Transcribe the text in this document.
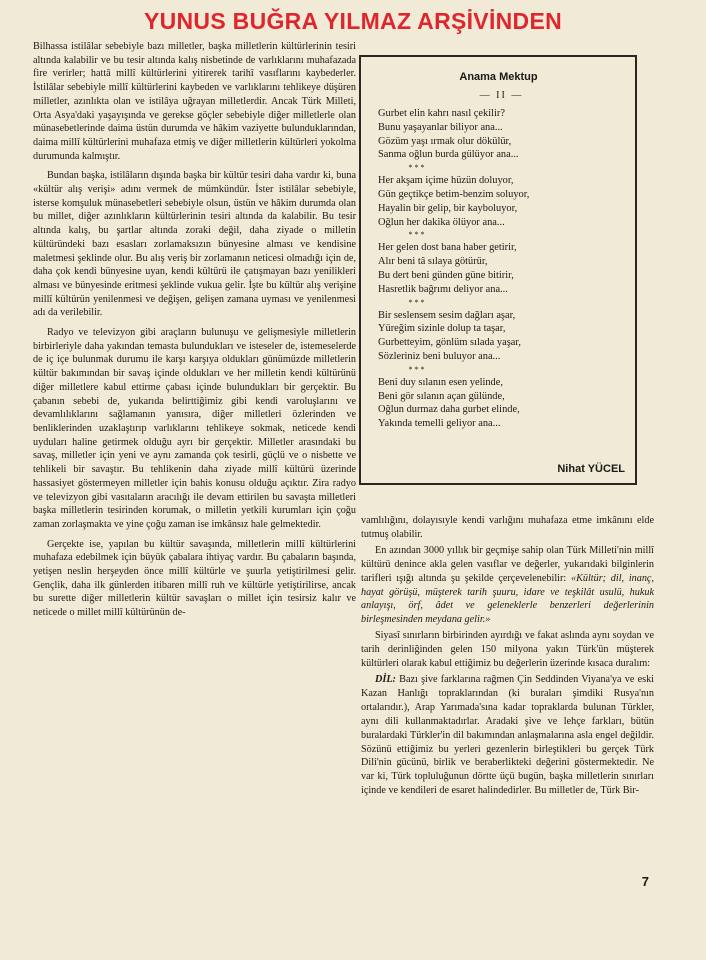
YUNUS BUĞRA YILMAZ ARŞİVİNDEN

Bilhassa istilâlar sebebiyle bazı milletler, başka milletlerin kültürlerinin tesiri altında kalabilir ve bu tesir altında kalış nisbetinde de varlıklarını muhafazada fire verirler; hattâ millî kültürlerini yitirerek tarihî vasıflarını kaybederler. İstilâlar sebebiyle millî kültürlerini kaybeden ve varlıklarını tehlikeye düşüren milletler, azınlıkta olan ve istilâya uğrayan milletlerdir. Ancak Türk Milleti, Orta Asya'daki yaşayışında ve gerekse göçler sebebiyle diğer milletlerle olan münasebetlerinde daima üstün durumda ve hâkim vaziyette bulunduklarından, daima millî kültürlerini muhafaza etmiş ve diğer milletlerin kültürleri yokolma durumunda kalmıştır.

Bundan başka, istilâların dışında başka bir kültür tesiri daha vardır ki, buna «kültür alış verişi» adını vermek de mümkündür. İster istilâlar sebebiyle, isterse komşuluk münasebetleri sebebiyle olsun, üstün ve hâkim durumda olan bu millet, diğer azınlıkların kültürlerinin tesiri altında da kalabilir. Bu tesir altında kalış, bu şartlar altında zoraki değil, daha ziyade o milletin kültüründeki bazı esasları zorlamaksızın bünyesine alması ve kendisine maletmesi şeklinde olur. Bu alış veriş bir zorlamanın neticesi olmadığı için de, daha çok kendi bünyesine uyan, kendi kültürü ile çatışmayan bazı yenilikleri alması ve bünyesinde eritmesi şeklinde vukua gelir. İşte bu kültür alış verişine millî kültürün yenilenmesi ve değişen, gelişen zamana uyması ve yenilenmesi adı da verilebilir.

Radyo ve televizyon gibi araçların bulunuşu ve gelişmesiyle milletlerin birbirleriyle daha yakından temasta bulundukları ve isteseler de, istemeselerde de iç içe bulunmak durumu ile karşı karşıya oldukları günümüzde milletlerin kültür bakımından bir savaş içinde oldukları ve her milletin kendi kültürünü diğer milletlere kabul ettirme çabası içinde bulundukları bir gerçektir. Bu çabanın sebebi de, yukarıda belirttiğimiz gibi kendi varoluşlarını ve devamlılıklarını sağlamanın yanısıra, diğer milletleri özlerinden ve benliklerinden uzaklaştırıp varlıklarını tehlikeye sokmak, neticede kendi uyduları haline getirmek olduğu ayrı bir gerçektir. Milletler arasındaki bu savaş, milletler için yeni ve aynı zamanda çok tesirli, güçlü ve o nisbette ve tehlikeli bir savaştır. Bu tehlikenin daha ziyade millî kültürü üzerinde hassasiyet göstermeyen milletler için bahis konusu olduğu açıktır. Zira radyo ve televizyon gibi vasıtaların aracılığı ile devam ettirilen bu savaşta milletleri başka milletlerin tesirinden korumak, o milletin yetkili kurumları için çoğu zaman zorlaşmakta ve yine çoğu zaman ise imkânsız hale gelmektedir.

Gerçekte ise, yapılan bu kültür savaşında, milletlerin millî kültürlerini muhafaza edebilmek için büyük çabalara ihtiyaç vardır. Bu çabaların başında, yetişen neslin herşeyden önce millî kültürle ve şuurla yetiştirilmesi gelir. Gençlik, daha ilk günlerden itibaren millî ruh ve kültürle yetiştirilirse, ancak bu surette diğer milletlerin kültür savaşları o millet için tesirsiz kalır ve neticede o millet millî kültürünün de-

Anama Mektup
— II —
Gurbet elin kahrı nasıl çekilir?
Bunu yaşayanlar biliyor ana...
Gözüm yaşı ırmak olur dökülür,
Sanma oğlun burda gülüyor ana...
* * *
Her akşam içime hüzün doluyor,
Gün geçtikçe betim-benzim soluyor,
Hayalin bir gelip, bir kayboluyor,
Oğlun her dakika ölüyor ana...
* * *
Her gelen dost bana haber getirir,
Alır beni tâ sılaya götürür,
Bu dert beni günden güne bitirir,
Hasretlik bağrımı deliyor ana...
* * *
Bir seslensem sesim dağları aşar,
Yüreğim sizinle dolup ta taşar,
Gurbetteyim, gönlüm sılada yaşar,
Sözleriniz beni buluyor ana...
* * *
Beni duy sılanın esen yelinde,
Beni gör sılanın açan gülünde,
Oğlun durmaz daha gurbet elinde,
Yakında temelli geliyor ana...
Nihat YÜCEL

vamlılığını, dolayısıyle kendi varlığını muhafaza etme imkânını elde tutmuş olabilir.

En azından 3000 yıllık bir geçmişe sahip olan Türk Milleti'nin millî kültürü denince akla gelen vasıflar ve değerler, yukarıdaki bilginlerin tarifleri ışığı altında şu şekilde çerçevelenebilir: «Kültür; dil, inanç, hayat görüşü, müşterek tarih şuuru, idare ve teşkilât usulü, hukuk anlayışı, örf, âdet ve geleneklerle benzerleri değerlerinin birleşmesinden meydana gelir.»

Siyasî sınırların birbirinden ayırdığı ve fakat aslında aynı soydan ve tarih derinliğinden gelen 150 milyona yakın Türk'ün müşterek kültürleri olarak kabul ettiğimiz bu değerlerin üzerinde kısaca duralım:

DİL: Bazı şive farklarına rağmen Çin Seddinden Viyana'ya ve eski Kazan Hanlığı topraklarından (ki buraları şimdiki Rusya'nın ortalarıdır.), Arap Yarımada'sına kadar topraklarda bulunan Türkler, aynı dili kullanmaktadırlar. Aradaki şive ve lehçe farkları, bütün buralardaki Türkler'in dil bakımından anlaşmalarına asla engel değildir. Sözünü ettiğimiz bu yerleri gezenlerin birleştikleri bu gerçek Türk Dili'nin gücünü, birlik ve beraberlikteki değerini göstermektedir. Ne var ki, Türk topluluğunun dörtte üçü bugün, başka milletlerin sınırları içinde ve kendileri de esaret halindedirler. Bu milletler de, Türk Bir-

7
